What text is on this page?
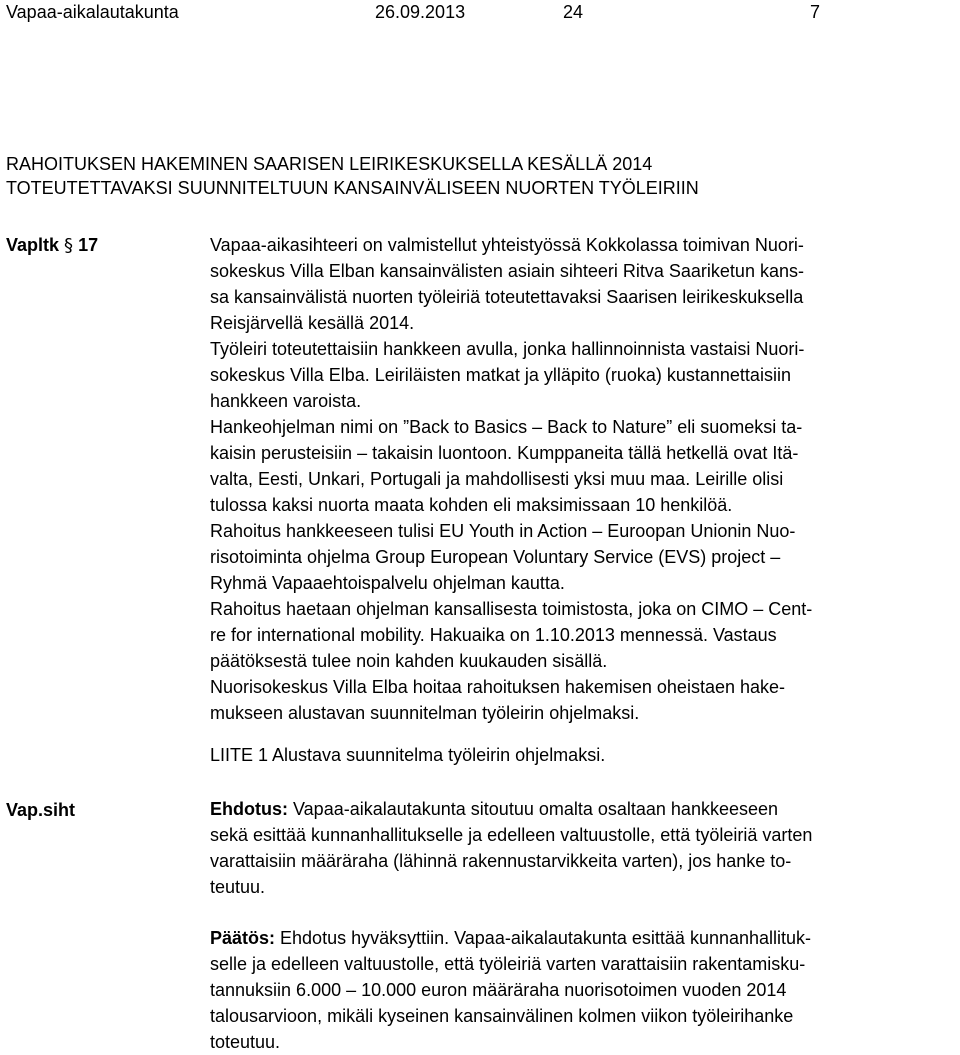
Vapaa-aikalautakunta	26.09.2013	24	7
RAHOITUKSEN HAKEMINEN SAARISEN LEIRIKESKUKSELLA KESÄLLÄ 2014
TOTEUTETTAVAKSI SUUNNITELTUUN KANSAINVÄLISEEN NUORTEN TYÖLEIRIIN
Vapltk § 17	Vapaa-aikasihteeri on valmistellut yhteistyössä Kokkolassa toimivan Nuori-
sokeskus Villa Elban kansainvälisten asiain sihteeri Ritva Saariketun kans-
sa kansainvälistä nuorten työleiriä toteutettavaksi Saarisen leirikeskuksella
Reisjärvellä kesällä 2014.
Työleiri toteutettaisiin hankkeen avulla, jonka hallinnoinnista vastaisi Nuori-
sokeskus Villa Elba. Leiriläisten matkat ja ylläpito (ruoka) kustannettaisiin
hankkeen varoista.
Hankeohjelman nimi on ”Back to Basics – Back to Nature” eli suomeksi ta-
kaisin perusteisiin – takaisin luontoon. Kumppaneita tällä hetkellä ovat Itä-
valta, Eesti, Unkari, Portugali ja mahdollisesti yksi muu maa. Leirille olisi
tulossa kaksi nuorta maata kohden eli maksimissaan 10 henkilöä.
Rahoitus hankkeeseen tulisi EU Youth in Action – Euroopan Unionin Nuo-
risotoiminta ohjelma Group European Voluntary Service (EVS) project –
Ryhmä Vapaaehtoispalvelu ohjelman kautta.
Rahoitus haetaan ohjelman kansallisesta toimistosta, joka on CIMO – Cent-
re for international mobility. Hakuaika on 1.10.2013 mennessä. Vastaus
päätöksestä tulee noin kahden kuukauden sisällä.
Nuorisokeskus Villa Elba hoitaa rahoituksen hakemisen oheistaen hake-
mukseen alustavan suunnitelman työleirin ohjelmaksi.
LIITE 1 Alustava suunnitelma työleirin ohjelmaksi.
Vap.siht	Ehdotus: Vapaa-aikalautakunta sitoutuu omalta osaltaan hankkeeseen
sekä esittää kunnanhallitukselle ja edelleen valtuustolle, että työleiriä varten
varattaisiin määräraha (lähinnä rakennustarvikkeita varten), jos hanke to-
teutuu.
Päätös: Ehdotus hyväksyttiin. Vapaa-aikalautakunta esittää kunnanhallituk-
selle ja edelleen valtuustolle, että työleiriä varten varattaisiin rakentamisku-
tannuksiin 6.000 – 10.000 euron määräraha nuorisotoimen vuoden 2014
talousarvioon, mikäli kyseinen kansainvälinen kolmen viikon työleirihanke
toteutuu.
